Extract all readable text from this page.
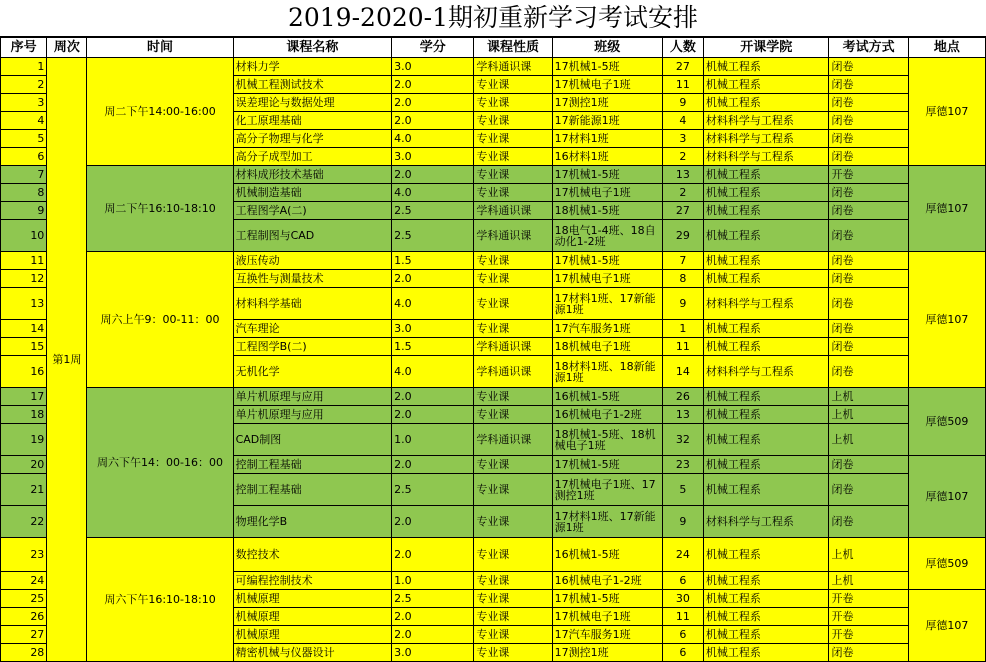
2019-2020-1期初重新学习考试安排
序号	周次	时间	课程名称	学分	课程性质	班级	人数	开课学院	考试方式	地点
1	第1周	周二下午14:00-16:00	材料力学	3.0	学科通识课	17机械1-5班	27	机械工程系	闭卷	厚德107
2			机械工程测试技术	2.0	专业课	17机械电子1班	11	机械工程系	闭卷	
3			误差理论与数据处理	2.0	专业课	17测控1班	9	机械工程系	闭卷	
4			化工原理基础	2.0	专业课	17新能源1班	4	材料科学与工程系	闭卷	
5			高分子物理与化学	4.0	专业课	17材料1班	3	材料科学与工程系	闭卷	
6			高分子成型加工	3.0	专业课	16材料1班	2	材料科学与工程系	闭卷	
7		周二下午16:10-18:10	材料成形技术基础	2.0	专业课	17机械1-5班	13	机械工程系	开卷	厚德107
8			机械制造基础	4.0	专业课	17机械电子1班	2	机械工程系	闭卷	
9			工程图学A(二)	2.5	学科通识课	18机械1-5班	27	机械工程系	闭卷	
10			工程制图与CAD	2.5	学科通识课	18电气1-4班、18自动化1-2班	29	机械工程系	闭卷	
11		周六上午9：00-11：00	液压传动	1.5	专业课	17机械1-5班	7	机械工程系	闭卷	厚德107
12			互换性与测量技术	2.0	专业课	17机械电子1班	8	机械工程系	闭卷	
13			材料科学基础	4.0	专业课	17材料1班、17新能源1班	9	材料科学与工程系	闭卷	
14			汽车理论	3.0	专业课	17汽车服务1班	1	机械工程系	闭卷	
15			工程图学B(二)	1.5	学科通识课	18机械电子1班	11	机械工程系	闭卷	
16			无机化学	4.0	学科通识课	18材料1班、18新能源1班	14	材料科学与工程系	闭卷	
17		周六下午14：00-16：00	单片机原理与应用	2.0	专业课	16机械1-5班	26	机械工程系	上机	厚德509
18			单片机原理与应用	2.0	专业课	16机械电子1-2班	13	机械工程系	上机	
19			CAD制图	1.0	学科通识课	18机械1-5班、18机械电子1班	32	机械工程系	上机	
20			控制工程基础	2.0	专业课	17机械1-5班	23	机械工程系	闭卷	厚德107
21			控制工程基础	2.5	专业课	17机械电子1班、17测控1班	5	机械工程系	闭卷	
22			物理化学B	2.0	专业课	17材料1班、17新能源1班	9	材料科学与工程系	闭卷	
23		周六下午16:10-18:10	数控技术	2.0	专业课	16机械1-5班	24	机械工程系	上机	厚德509
24			可编程控制技术	1.0	专业课	16机械电子1-2班	6	机械工程系	上机	
25			机械原理	2.5	专业课	17机械1-5班	30	机械工程系	开卷	厚德107
26			机械原理	2.0	专业课	17机械电子1班	11	机械工程系	开卷	
27			机械原理	2.0	专业课	17汽车服务1班	6	机械工程系	开卷	
28			精密机械与仪器设计	3.0	专业课	17测控1班	6	机械工程系	闭卷	
